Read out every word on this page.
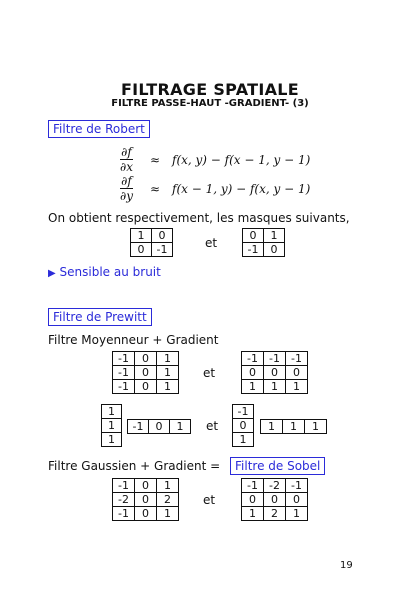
FILTRAGE SPATIALE
FILTRE PASSE-HAUT -GRADIENT- (3)
Filtre de Robert
$\frac{\partial f}{\partial x} \approx f(x$, y) − f(x − 1, y − 1)
$\frac{\partial f}{\partial y} \approx f(x - 1$, y) − f(x, y − 1)
On obtient respectivement, les masques suivants,
1	0
0	-1	et
0	1
-1	0
▶ Sensible au bruit
Filtre de Prewitt
Filtre Moyenneur + Gradient
-1	0	1
-1	0	1
-1	0	1
et
-1	-1	-1
0	0	0
1	1	1
1
1
1
-1	0	1 et
-1
0
1
1	1	1
Filtre Gaussien + Gradient =	Filtre de Sobel
-1	0	1
-2	0	2
-1	0	1
et
-1	-2	-1
0	0	0
1	2	1
19
